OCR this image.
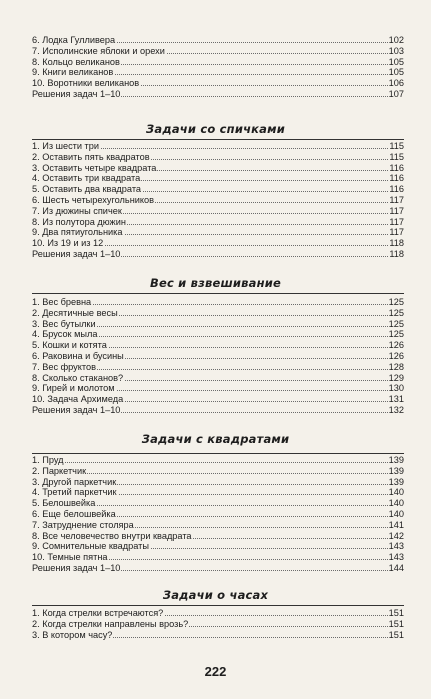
6. Лодка Гулливера	102
7. Исполинские яблоки и орехи	103
8. Кольцо великанов	105
9. Книги великанов	105
10. Воротники великанов	106
Решения задач 1–10	107
Задачи со спичками
1. Из шести три	115
2. Оставить пять квадратов	115
3. Оставить четыре квадрата	116
4. Оставить три квадрата	116
5. Оставить два квадрата	116
6. Шесть четырехугольников	117
7. Из дюжины спичек	117
8. Из полутора дюжин	117
9. Два пятиугольника	117
10. Из 19 и из 12	118
Решения задач 1–10	118
Вес и взвешивание
1. Вес бревна	125
2. Десятичные весы	125
3. Вес бутылки	125
4. Брусок мыла	125
5. Кошки и котята	126
6. Раковина и бусины	126
7. Вес фруктов	128
8. Сколько стаканов?	129
9. Гирей и молотом	130
10. Задача Архимеда	131
Решения задач 1–10	132
Задачи с квадратами
1. Пруд	139
2. Паркетчик	139
3. Другой паркетчик	139
4. Третий паркетчик	140
5. Белошвейка	140
6. Еще белошвейка	140
7. Затруднение столяра	141
8. Все человечество внутри квадрата	142
9. Сомнительные квадраты	143
10. Темные пятна	143
Решения задач 1–10	144
Задачи о часах
1. Когда стрелки встречаются?	151
2. Когда стрелки направлены врозь?	151
3. В котором часу?	151
222
